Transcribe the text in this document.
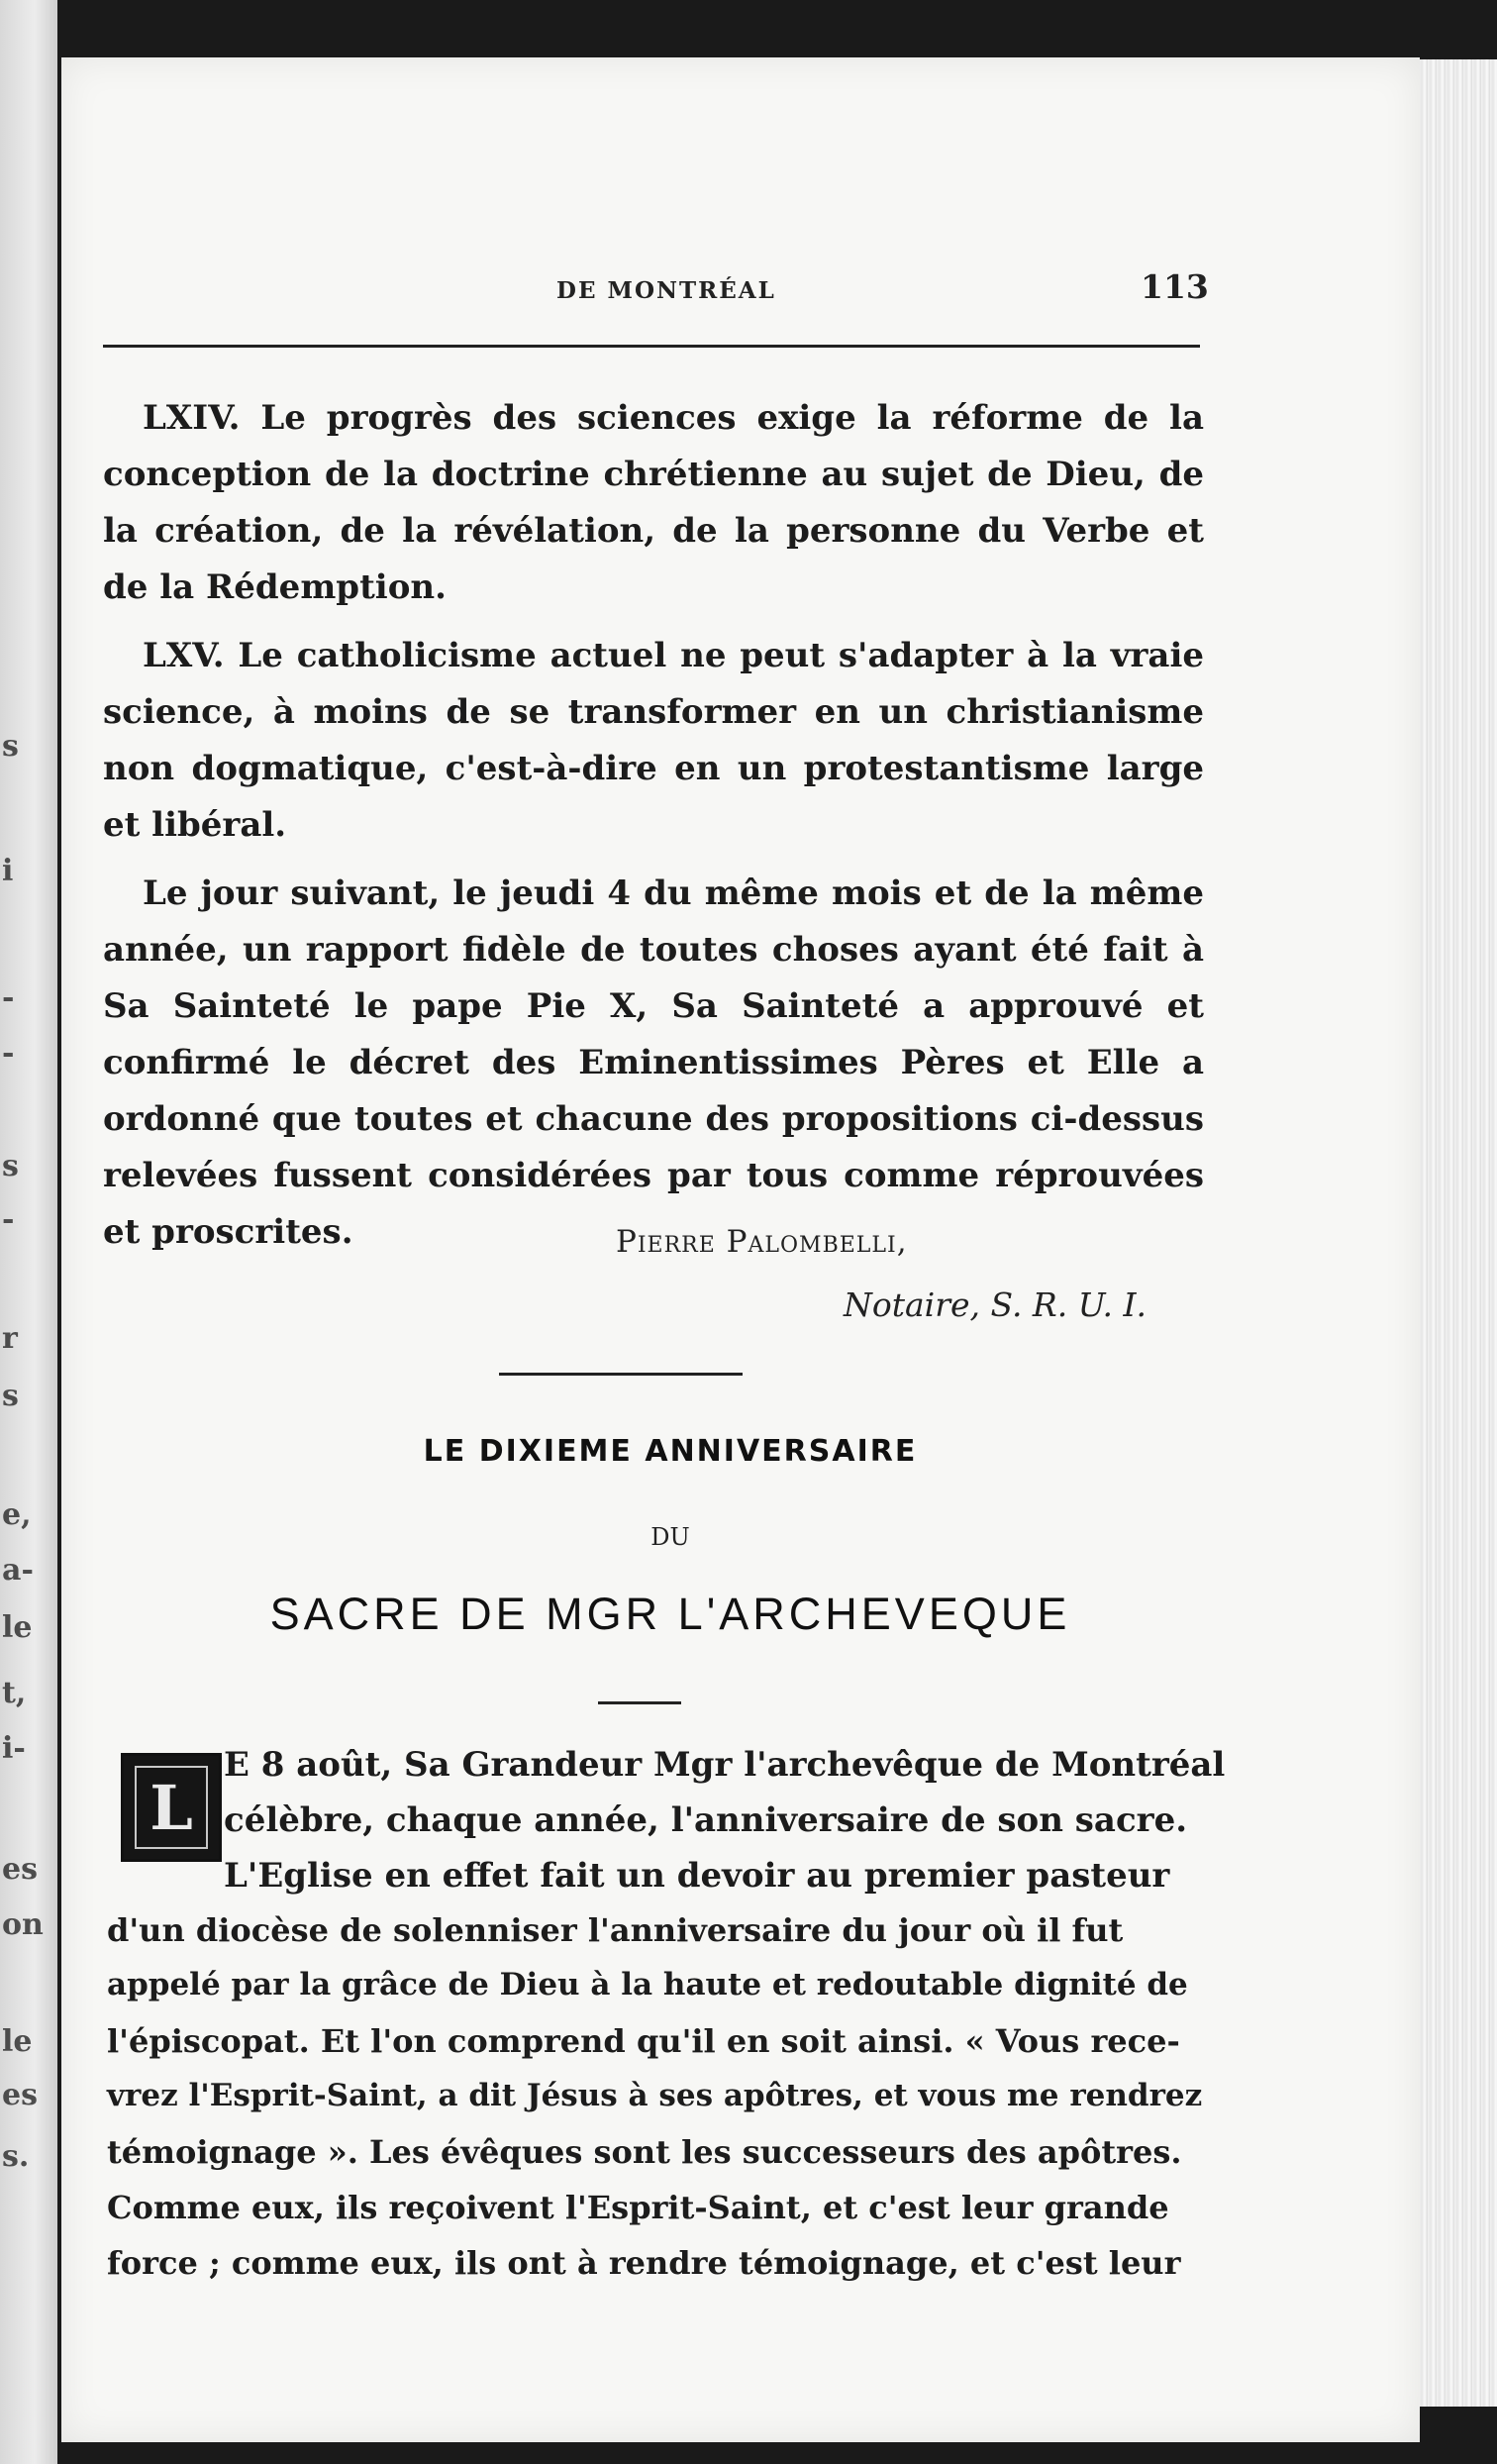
s
i
-
-
s
-
r
s
e,
a-
le
t,
i-
es
on
le
es
s.
DE MONTRÉAL	113

LXIV. Le progrès des sciences exige la réforme de la conception de la doctrine chrétienne au sujet de Dieu, de la création, de la révélation, de la personne du Verbe et de la Rédemption.

LXV. Le catholicisme actuel ne peut s'adapter à la vraie science, à moins de se transformer en un christianisme non dogmatique, c'est-à-dire en un protestantisme large et libéral.

Le jour suivant, le jeudi 4 du même mois et de la même année, un rapport fidèle de toutes choses ayant été fait à Sa Sainteté le pape Pie X, Sa Sainteté a approuvé et confirmé le décret des Eminentissimes Pères et Elle a ordonné que toutes et chacune des propositions ci-dessus relevées fussent considérées par tous comme réprouvées et proscrites.	Pierre Palombelli,
Notaire, S. R. U. I.
LE DIXIEME ANNIVERSAIRE
DU
SACRE DE MGR L'ARCHEVEQUE
L
E 8 août, Sa Grandeur Mgr l'archevêque de Montréal
célèbre, chaque année, l'anniversaire de son sacre.
L'Eglise en effet fait un devoir au premier pasteur
d'un diocèse de solenniser l'anniversaire du jour où il fut
appelé par la grâce de Dieu à la haute et redoutable dignité de
l'épiscopat. Et l'on comprend qu'il en soit ainsi. « Vous rece-
vrez l'Esprit-Saint, a dit Jésus à ses apôtres, et vous me rendrez
témoignage ». Les évêques sont les successeurs des apôtres.
Comme eux, ils reçoivent l'Esprit-Saint, et c'est leur grande
force ; comme eux, ils ont à rendre témoignage, et c'est leur
